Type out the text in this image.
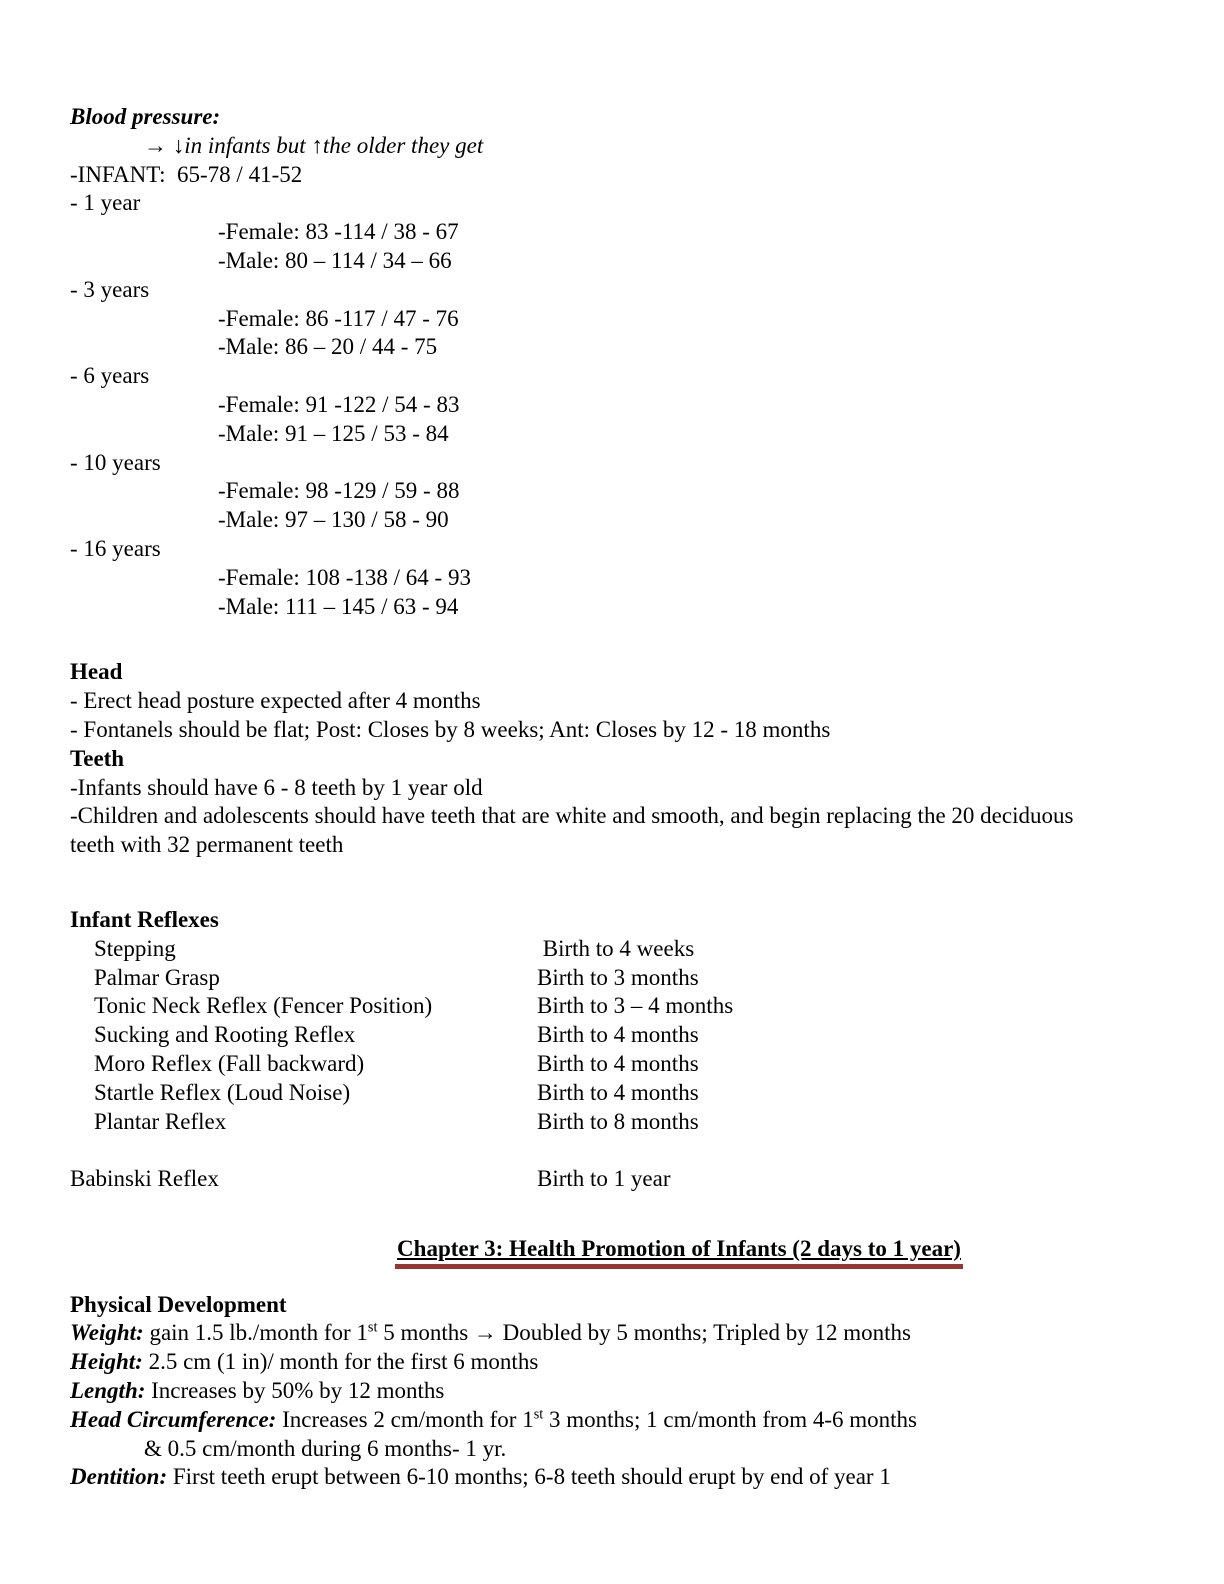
Blood pressure:

→ ↓in infants but ↑the older they get

-INFANT:  65-78 / 41-52

- 1 year

-Female: 83 -114 / 38 - 67

-Male: 80 – 114 / 34 – 66

- 3 years

-Female: 86 -117 / 47 - 76

-Male: 86 – 20 / 44 - 75

- 6 years

-Female: 91 -122 / 54 - 83

-Male: 91 – 125 / 53 - 84

- 10 years

-Female: 98 -129 / 59 - 88

-Male: 97 – 130 / 58 - 90

- 16 years

-Female: 108 -138 / 64 - 93

-Male: 111 – 145 / 63 - 94

Head

- Erect head posture expected after 4 months

- Fontanels should be flat; Post: Closes by 8 weeks; Ant: Closes by 12 - 18 months

Teeth

-Infants should have 6 - 8 teeth by 1 year old

-Children and adolescents should have teeth that are white and smooth, and begin replacing the 20 deciduous
teeth with 32 permanent teeth

Infant Reflexes

Stepping	Birth to 4 weeks
Palmar Grasp	Birth to 3 months
Tonic Neck Reflex (Fencer Position)	Birth to 3 – 4 months
Sucking and Rooting Reflex	Birth to 4 months
Moro Reflex (Fall backward)	Birth to 4 months
Startle Reflex (Loud Noise)	Birth to 4 months
Plantar Reflex	Birth to 8 months
Babinski Reflex	Birth to 1 year
Chapter 3: Health Promotion of Infants (2 days to 1 year)

Physical Development

Weight: gain 1.5 lb./month for 1st 5 months → Doubled by 5 months; Tripled by 12 months

Height: 2.5 cm (1 in)/ month for the first 6 months

Length: Increases by 50% by 12 months

Head Circumference: Increases 2 cm/month for 1st 3 months; 1 cm/month from 4-6 months

& 0.5 cm/month during 6 months- 1 yr.

Dentition: First teeth erupt between 6-10 months; 6-8 teeth should erupt by end of year 1
